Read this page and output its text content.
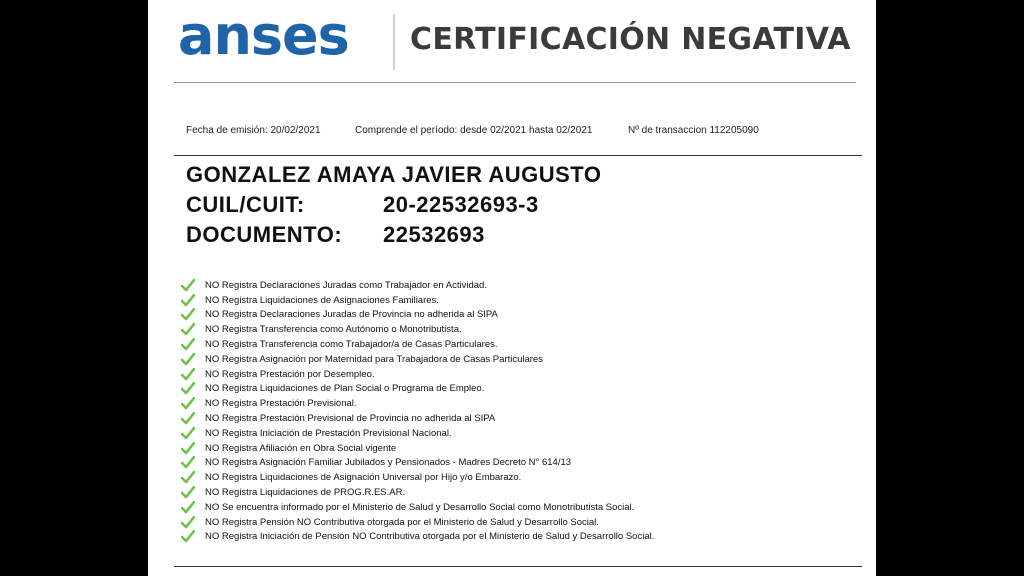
anses CERTIFICACIÓN NEGATIVA
Fecha de emisión: 20/02/2021	Comprende el período: desde 02/2021 hasta 02/2021	Nº de transaccion 112205090
GONZALEZ AMAYA JAVIER AUGUSTO
CUIL/CUIT:	20-22532693-3
DOCUMENTO: 22532693
NO Registra Declaraciones Juradas como Trabajador en Actividad.
NO Registra Liquidaciones de Asignaciones Familiares.
NO Registra Declaraciones Juradas de Provincia no adherida al SIPA
NO Registra Transferencia como Autónomo o Monotributista.
NO Registra Transferencia como Trabajador/a de Casas Particulares.
NO Registra Asignación por Maternidad para Trabajadora de Casas Particulares
NO Registra Prestación por Desempleo.
NO Registra Liquidaciones de Plan Social o Programa de Empleo.
NO Registra Prestación Previsional.
NO Registra Prestación Previsional de Provincia no adherida al SIPA
NO Registra Iniciación de Prestación Previsional Nacional.
NO Registra Afiliación en Obra Social vigente
NO Registra Asignación Familiar Jubilados y Pensionados - Madres Decreto N° 614/13
NO Registra Liquidaciones de Asignación Universal por Hijo y/o Embarazo.
NO Registra Liquidaciones de PROG.R.ES.AR.
NO Se encuentra informado por el Ministerio de Salud y Desarrollo Social como Monotributista Social.
NO Registra Pensión NO Contributiva otorgada por el Ministerio de Salud y Desarrollo Social.
NO Registra Iniciación de Pensión NO Contributiva otorgada por el Ministerio de Salud y Desarrollo Social.
